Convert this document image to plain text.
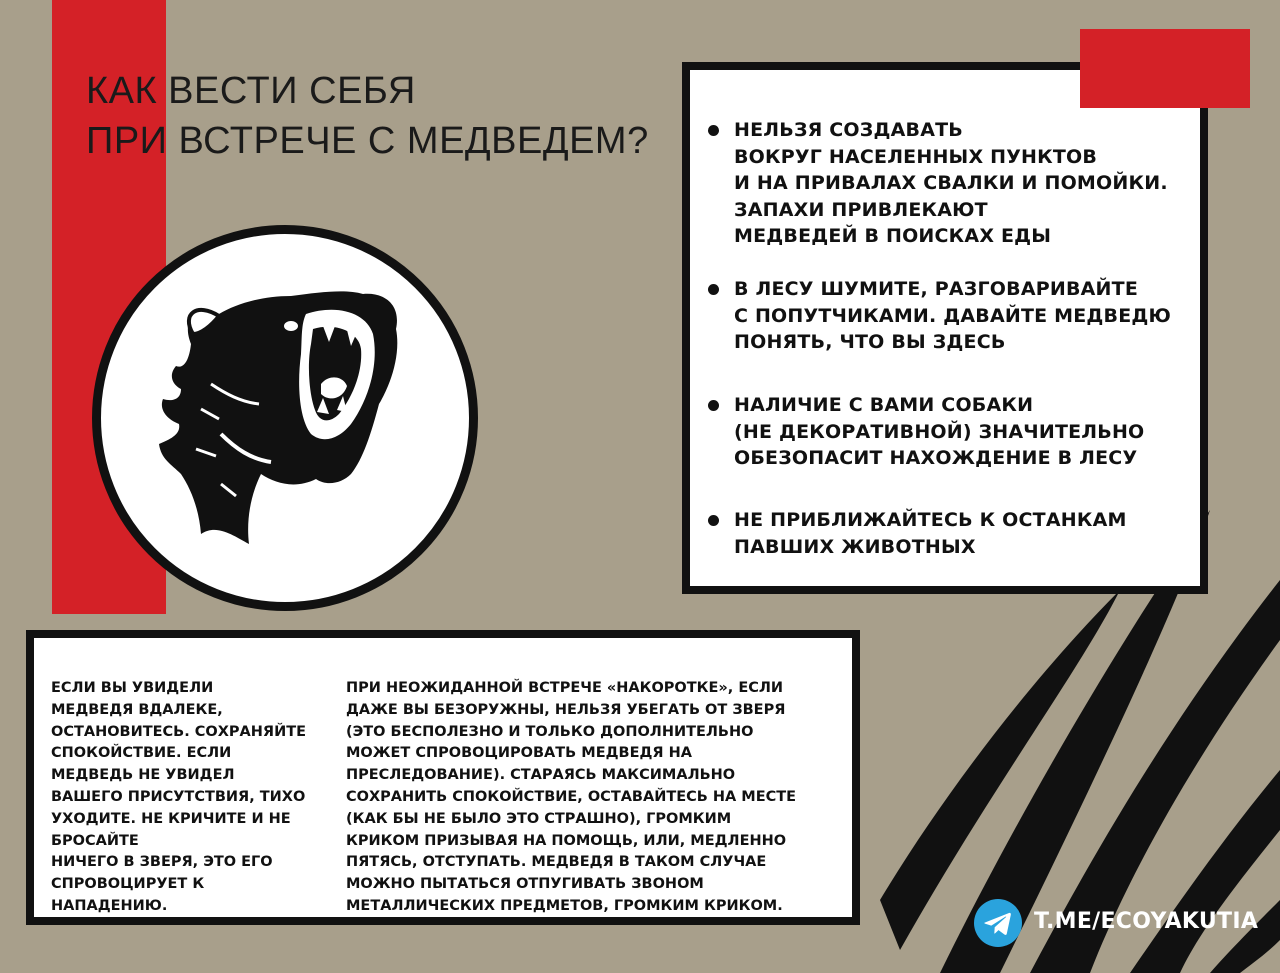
КАК ВЕСТИ СЕБЯ
ПРИ ВСТРЕЧЕ С МЕДВЕДЕМ?	НЕЛЬЗЯ СОЗДАВАТЬ
ВОКРУГ НАСЕЛЕННЫХ ПУНКТОВ
И НА ПРИВАЛАХ СВАЛКИ И ПОМОЙКИ.
ЗАПАХИ ПРИВЛЕКАЮТ
МЕДВЕДЕЙ В ПОИСКАХ ЕДЫ
В ЛЕСУ ШУМИТЕ, РАЗГОВАРИВАЙТЕ
С ПОПУТЧИКАМИ. ДАВАЙТЕ МЕДВЕДЮ
ПОНЯТЬ, ЧТО ВЫ ЗДЕСЬ
НАЛИЧИЕ С ВАМИ СОБАКИ
(НЕ ДЕКОРАТИВНОЙ) ЗНАЧИТЕЛЬНО
ОБЕЗОПАСИТ НАХОЖДЕНИЕ В ЛЕСУ
НЕ ПРИБЛИЖАЙТЕСЬ К ОСТАНКАМ
ПАВШИХ ЖИВОТНЫХ
ЕСЛИ ВЫ УВИДЕЛИ
МЕДВЕДЯ ВДАЛЕКЕ,
ОСТАНОВИТЕСЬ. СОХРАНЯЙТЕ
СПОКОЙСТВИЕ. ЕСЛИ
МЕДВЕДЬ НЕ УВИДЕЛ
ВАШЕГО ПРИСУТСТВИЯ, ТИХО
УХОДИТЕ. НЕ КРИЧИТЕ И НЕ
БРОСАЙТЕ
НИЧЕГО В ЗВЕРЯ, ЭТО ЕГО
СПРОВОЦИРУЕТ К
НАПАДЕНИЮ.
ПРИ НЕОЖИДАННОЙ ВСТРЕЧЕ «НАКОРОТКЕ», ЕСЛИ
ДАЖЕ ВЫ БЕЗОРУЖНЫ, НЕЛЬЗЯ УБЕГАТЬ ОТ ЗВЕРЯ
(ЭТО БЕСПОЛЕЗНО И ТОЛЬКО ДОПОЛНИТЕЛЬНО
МОЖЕТ СПРОВОЦИРОВАТЬ МЕДВЕДЯ НА
ПРЕСЛЕДОВАНИЕ). СТАРАЯСЬ МАКСИМАЛЬНО
СОХРАНИТЬ СПОКОЙСТВИЕ, ОСТАВАЙТЕСЬ НА МЕСТЕ
(КАК БЫ НЕ БЫЛО ЭТО СТРАШНО), ГРОМКИМ
КРИКОМ ПРИЗЫВАЯ НА ПОМОЩЬ, ИЛИ, МЕДЛЕННО
ПЯТЯСЬ, ОТСТУПАТЬ. МЕДВЕДЯ В ТАКОМ СЛУЧАЕ
МОЖНО ПЫТАТЬСЯ ОТПУГИВАТЬ ЗВОНОМ
МЕТАЛЛИЧЕСКИХ ПРЕДМЕТОВ, ГРОМКИМ КРИКОМ.
T.ME/ECOYAKUTIA
